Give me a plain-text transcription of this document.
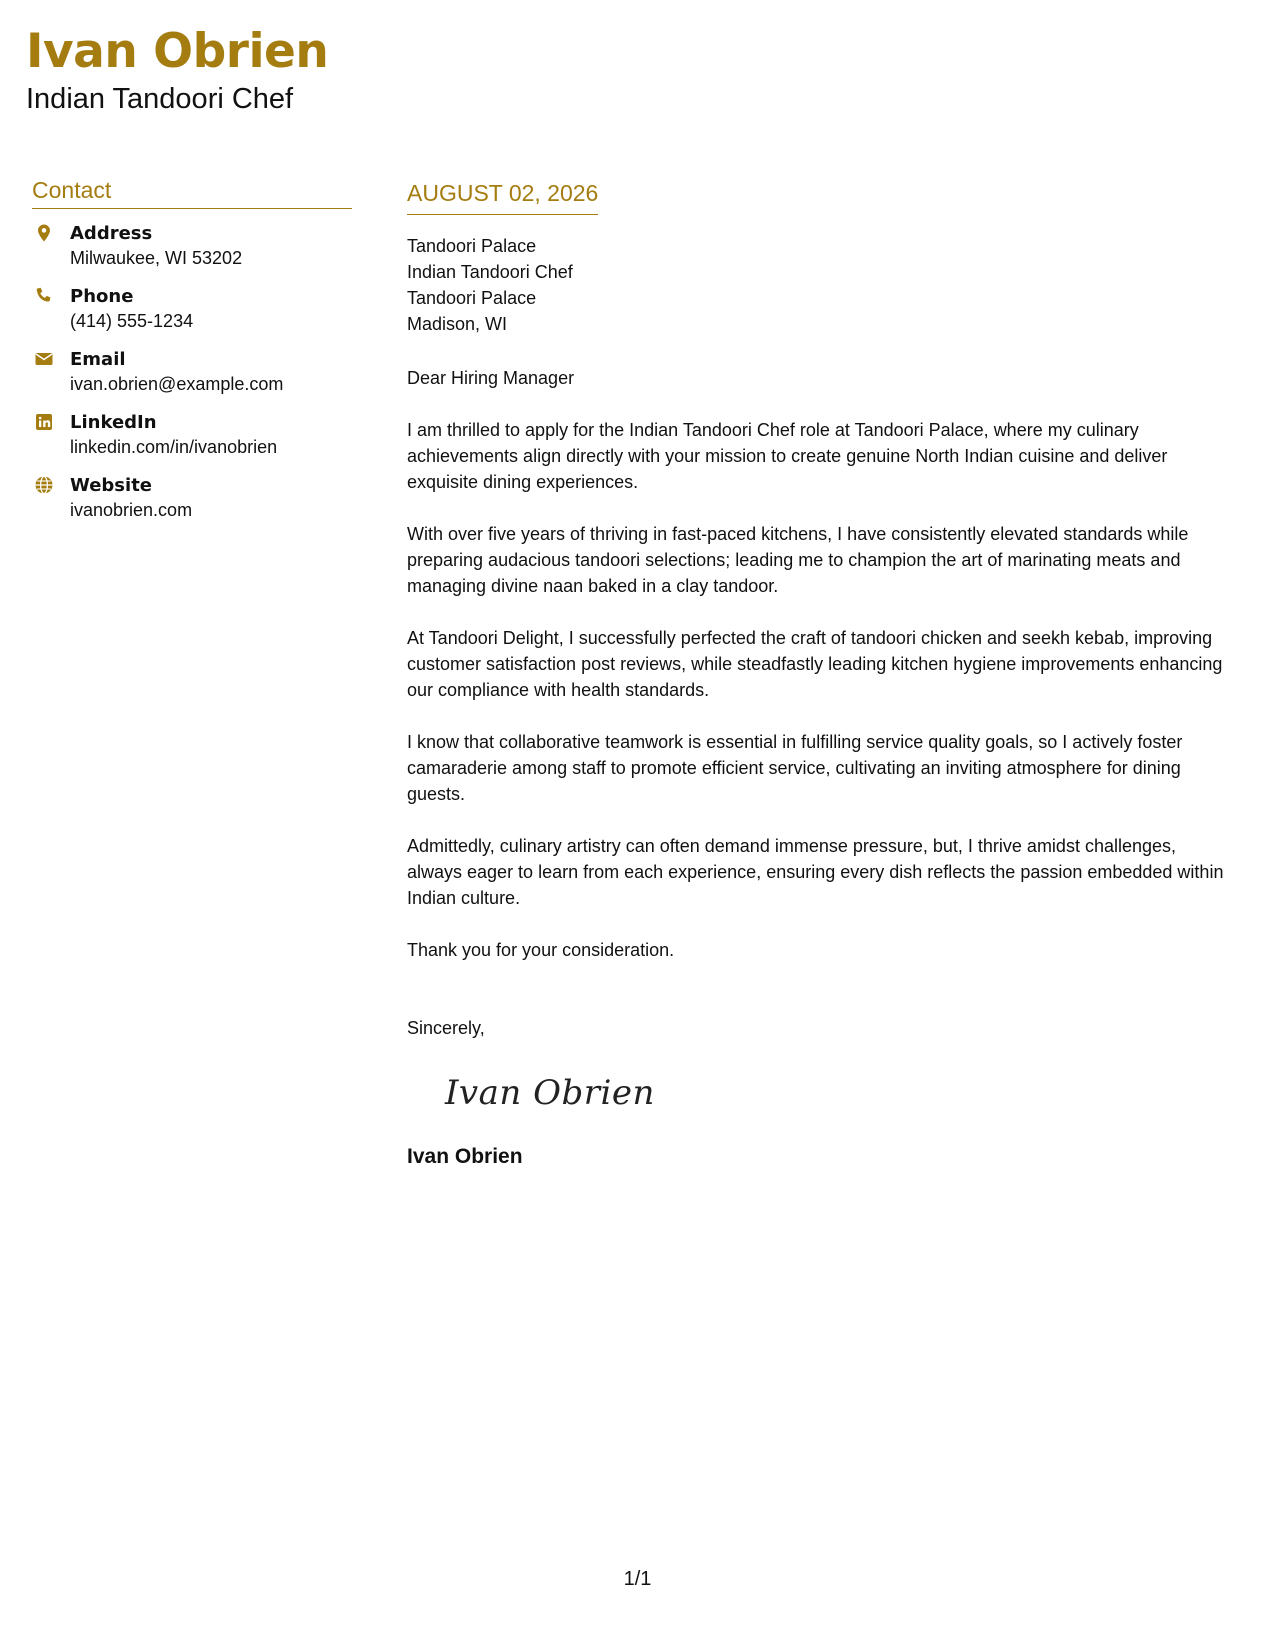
Ivan Obrien
Indian Tandoori Chef
Contact
Address
Milwaukee, WI 53202
Phone
(414) 555-1234
Email
ivan.obrien@example.com
LinkedIn
linkedin.com/in/ivanobrien
Website
ivanobrien.com
AUGUST 02, 2026
Tandoori Palace
Indian Tandoori Chef
Tandoori Palace
Madison, WI
Dear Hiring Manager
I am thrilled to apply for the Indian Tandoori Chef role at Tandoori Palace, where my culinary achievements align directly with your mission to create genuine North Indian cuisine and deliver exquisite dining experiences.
With over five years of thriving in fast-paced kitchens, I have consistently elevated standards while preparing audacious tandoori selections; leading me to champion the art of marinating meats and managing divine naan baked in a clay tandoor.
At Tandoori Delight, I successfully perfected the craft of tandoori chicken and seekh kebab, improving customer satisfaction post reviews, while steadfastly leading kitchen hygiene improvements enhancing our compliance with health standards.
I know that collaborative teamwork is essential in fulfilling service quality goals, so I actively foster camaraderie among staff to promote efficient service, cultivating an inviting atmosphere for dining guests.
Admittedly, culinary artistry can often demand immense pressure, but, I thrive amidst challenges, always eager to learn from each experience, ensuring every dish reflects the passion embedded within Indian culture.
Thank you for your consideration.
Sincerely,
Ivan Obrien
Ivan Obrien
1/1
